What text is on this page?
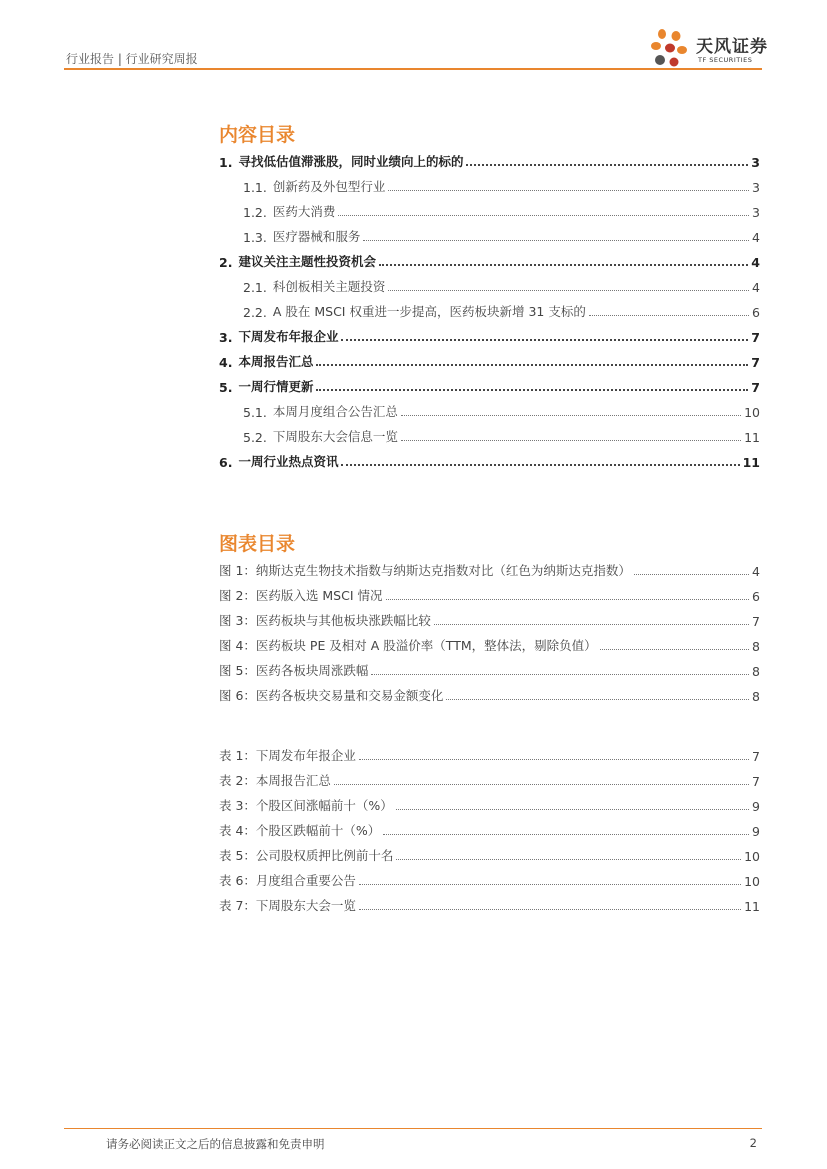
行业报告 | 行业研究周报
天风证券
TF SECURITIES
内容目录
图表目录
1. 寻找低估值滞涨股，同时业绩向上的标的	3
1.1. 创新药及外包型行业	3
1.2. 医药大消费	3
1.3. 医疗器械和服务	4
2. 建议关注主题性投资机会	4
2.1. 科创板相关主题投资	4
2.2. A 股在 MSCI 权重进一步提高，医药板块新增 31 支标的	6
3. 下周发布年报企业	7
4. 本周报告汇总	7
5. 一周行情更新	7
5.1. 本周月度组合公告汇总	10
5.2. 下周股东大会信息一览	11
6. 一周行业热点资讯	11
图 1：纳斯达克生物技术指数与纳斯达克指数对比（红色为纳斯达克指数）	4
图 2：医药版入选 MSCI 情况	6
图 3：医药板块与其他板块涨跌幅比较	7
图 4：医药板块 PE 及相对 A 股溢价率（TTM，整体法，剔除负值）	8
图 5：医药各板块周涨跌幅	8
图 6：医药各板块交易量和交易金额变化	8
表 1：下周发布年报企业	7
表 2：本周报告汇总	7
表 3：个股区间涨幅前十（%）	9
表 4：个股区跌幅前十（%）	9
表 5：公司股权质押比例前十名	10
表 6：月度组合重要公告	10
表 7：下周股东大会一览	11
请务必阅读正文之后的信息披露和免责申明	2
